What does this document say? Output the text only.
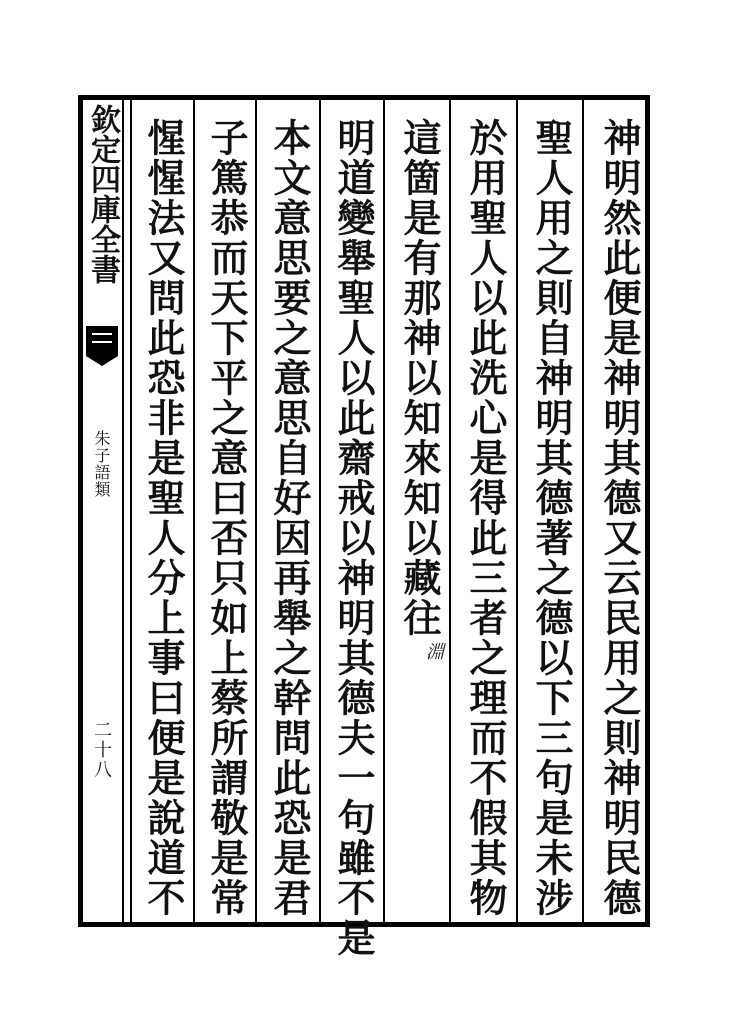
欽定四庫全書
朱子語類
二十八	神明然此便是神明其德又云民用之則神明民德
聖人用之則自神明其德著之德以下三句是未涉
於用聖人以此洗心是得此三者之理而不假其物
這箇是有那神以知來知以藏往
淵
明道變舉聖人以此齋戒以神明其德夫一句雖不是
本文意思要之意思自好因再舉之幹問此恐是君
子篤恭而天下平之意曰否只如上蔡所謂敬是常
惺惺法又問此恐非是聖人分上事曰便是說道不
